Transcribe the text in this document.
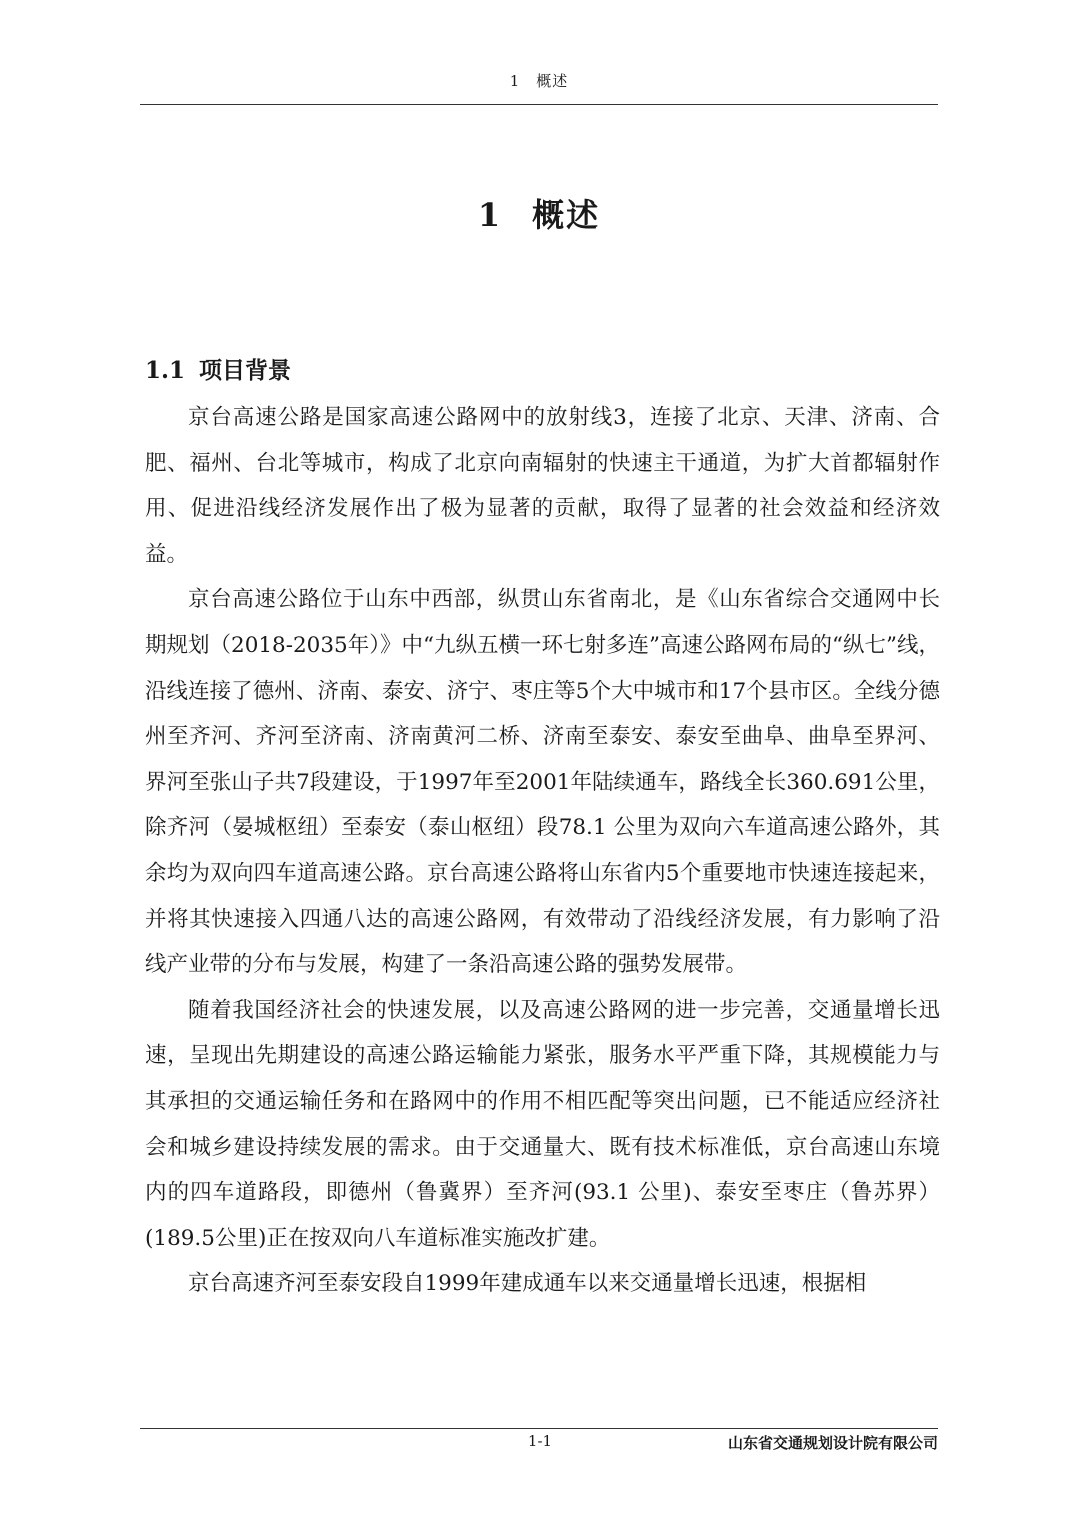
1　概述
1 概述
1.1 项目背景

京台高速公路是国家高速公路网中的放射线3，连接了北京、天津、济南、合肥、福州、台北等城市，构成了北京向南辐射的快速主干通道，为扩大首都辐射作用、促进沿线经济发展作出了极为显著的贡献，取得了显著的社会效益和经济效益。

京台高速公路位于山东中西部，纵贯山东省南北，是《山东省综合交通网中长期规划（2018-2035年）》中“九纵五横一环七射多连”高速公路网布局的“纵七”线，沿线连接了德州、济南、泰安、济宁、枣庄等5个大中城市和17个县市区。全线分德州至齐河、齐河至济南、济南黄河二桥、济南至泰安、泰安至曲阜、曲阜至界河、界河至张山子共7段建设，于1997年至2001年陆续通车，路线全长360.691公里，除齐河（晏城枢纽）至泰安（泰山枢纽）段78.1 公里为双向六车道高速公路外，其余均为双向四车道高速公路。京台高速公路将山东省内5个重要地市快速连接起来，并将其快速接入四通八达的高速公路网，有效带动了沿线经济发展，有力影响了沿线产业带的分布与发展，构建了一条沿高速公路的强势发展带。

随着我国经济社会的快速发展，以及高速公路网的进一步完善，交通量增长迅速，呈现出先期建设的高速公路运输能力紧张，服务水平严重下降，其规模能力与其承担的交通运输任务和在路网中的作用不相匹配等突出问题，已不能适应经济社会和城乡建设持续发展的需求。由于交通量大、既有技术标准低，京台高速山东境内的四车道路段，即德州（鲁冀界）至齐河(93.1 公里)、泰安至枣庄（鲁苏界）(189.5公里)正在按双向八车道标准实施改扩建。

京台高速齐河至泰安段自1999年建成通车以来交通量增长迅速，根据相

1-1	山东省交通规划设计院有限公司
